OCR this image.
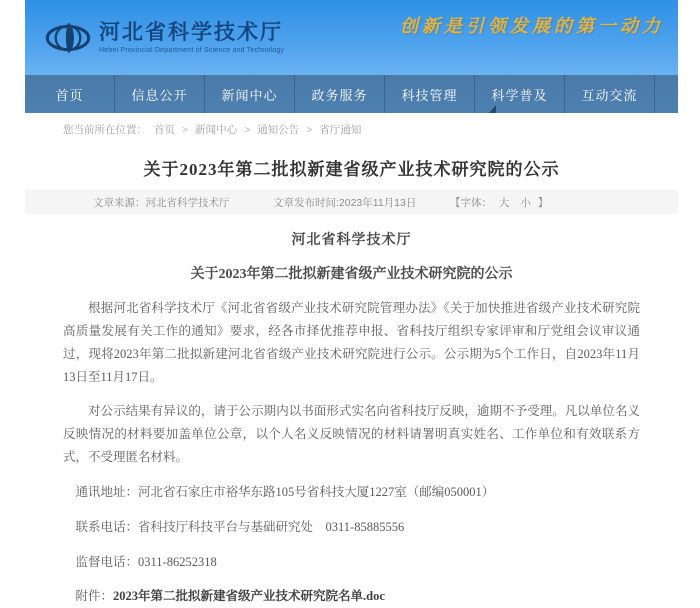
河北省科学技术厅
Hebei Provincial Department of Science and Technology
创新是引领发展的第一动力
首页	信息公开	新闻中心	政务服务	科技管理	科学普及	互动交流
您当前所在位置： 首页 > 新闻中心 > 通知公告 > 省厅通知
关于2023年第二批拟新建省级产业技术研究院的公示
文章来源：河北省科学技术厅	文章发布时间:2023年11月13日	【字体： 大 小 】
河北省科学技术厅
关于2023年第二批拟新建省级产业技术研究院的公示
根据河北省科学技术厅《河北省省级产业技术研究院管理办法》《关于加快推进省级产业技术研究院高质量发展有关工作的通知》要求，经各市择优推荐申报、省科技厅组织专家评审和厅党组会议审议通过，现将2023年第二批拟新建河北省省级产业技术研究院进行公示。公示期为5个工作日，自2023年11月13日至11月17日。
对公示结果有异议的，请于公示期内以书面形式实名向省科技厅反映，逾期不予受理。凡以单位名义反映情况的材料要加盖单位公章，以个人名义反映情况的材料请署明真实姓名、工作单位和有效联系方式，不受理匿名材料。
通讯地址：河北省石家庄市裕华东路105号省科技大厦1227室（邮编050001）
联系电话：省科技厅科技平台与基础研究处　0311-85885556
监督电话：0311-86252318
附件：2023年第二批拟新建省级产业技术研究院名单.doc
